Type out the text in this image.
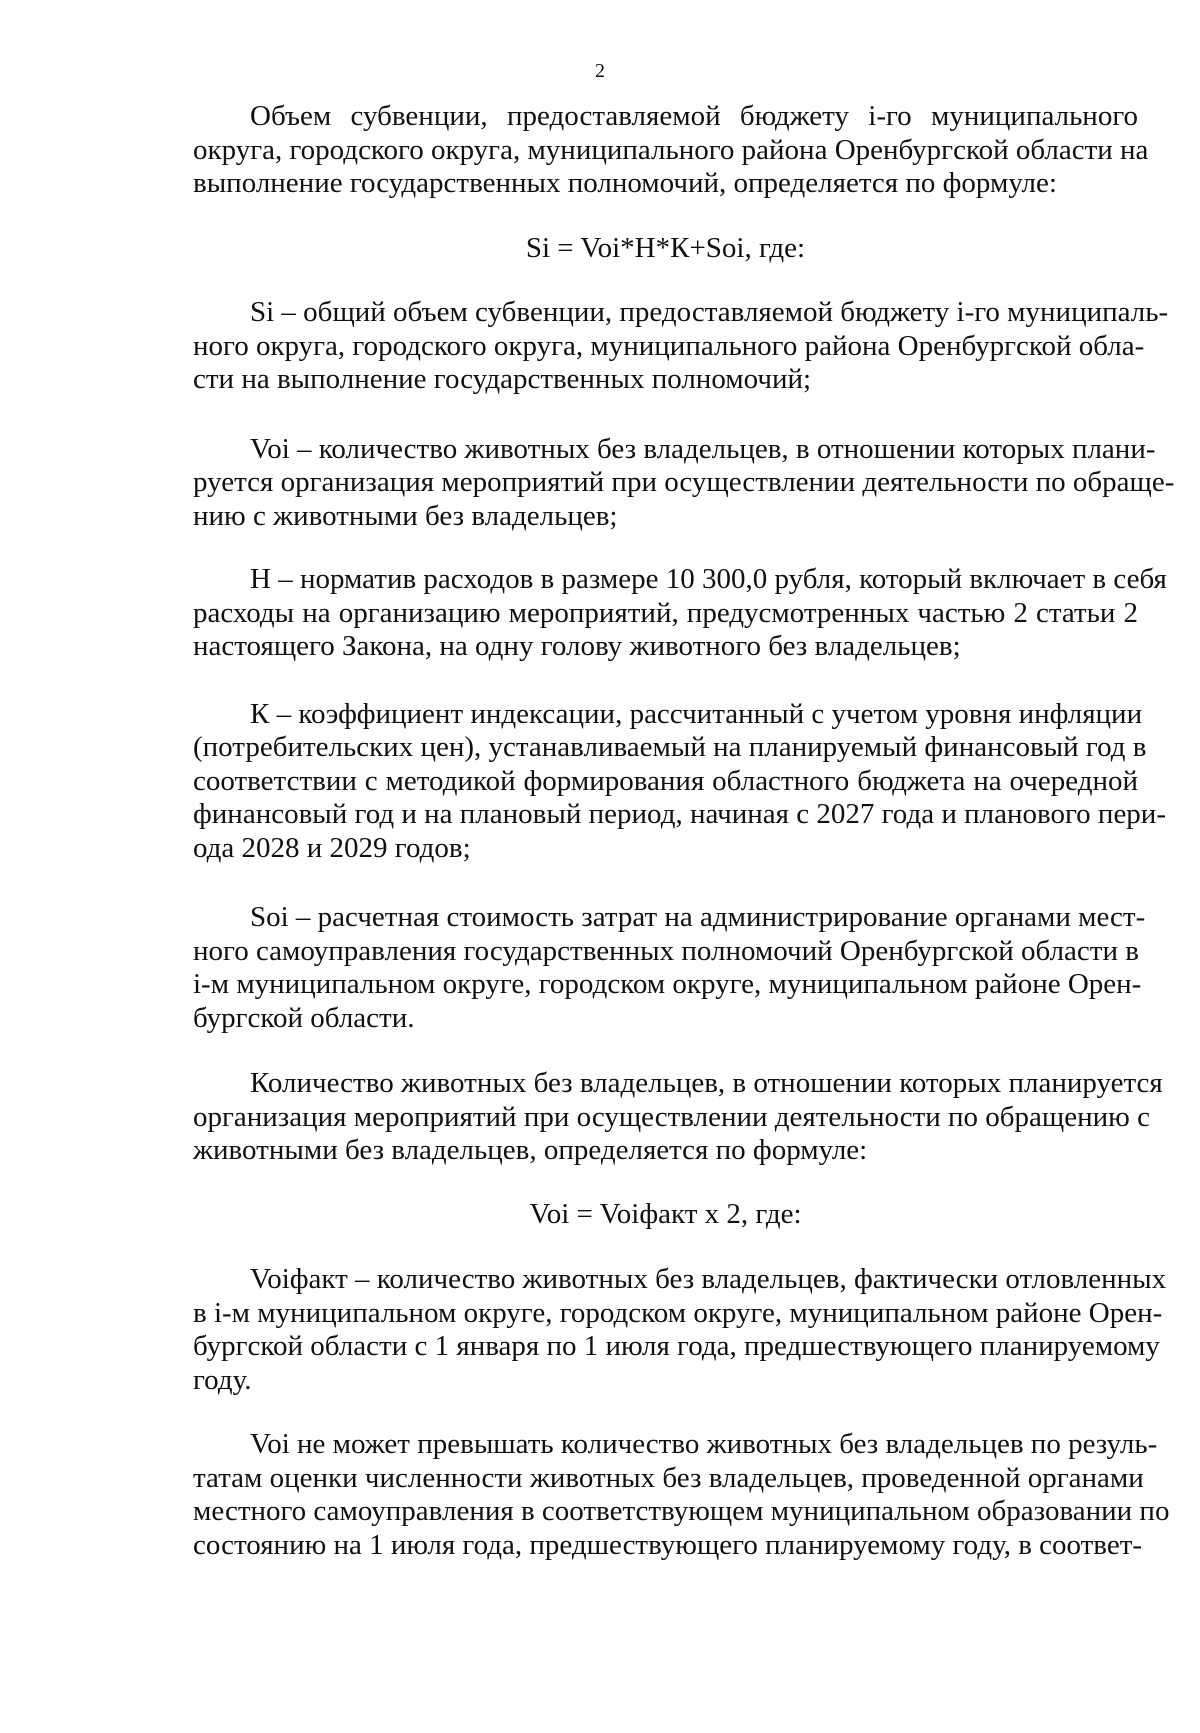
2

Объем субвенции, предоставляемой бюджету i-го муниципального
округа, городского округа, муниципального района Оренбургской области на
выполнение государственных полномочий, определяется по формуле:

Si = Voi*H*К+Soi, где:

Si – общий объем субвенции, предоставляемой бюджету i-го муниципаль-
ного округа, городского округа, муниципального района Оренбургской обла-
сти на выполнение государственных полномочий;

Voi – количество животных без владельцев, в отношении которых плани-
руется организация мероприятий при осуществлении деятельности по обраще-
нию с животными без владельцев;

Н – норматив расходов в размере 10 300,0 рубля, который включает в себя
расходы на организацию мероприятий, предусмотренных частью 2 статьи 2
настоящего Закона, на одну голову животного без владельцев;

К – коэффициент индексации, рассчитанный с учетом уровня инфляции
(потребительских цен), устанавливаемый на планируемый финансовый год в
соответствии с методикой формирования областного бюджета на очередной
финансовый год и на плановый период, начиная с 2027 года и планового пери-
ода 2028 и 2029 годов;

Soi – расчетная стоимость затрат на администрирование органами мест-
ного самоуправления государственных полномочий Оренбургской области в
i-м муниципальном округе, городском округе, муниципальном районе Орен-
бургской области.

Количество животных без владельцев, в отношении которых планируется
организация мероприятий при осуществлении деятельности по обращению с
животными без владельцев, определяется по формуле:

Voi = Voiфакт х 2, где:

Voiфакт – количество животных без владельцев, фактически отловленных
в i-м муниципальном округе, городском округе, муниципальном районе Орен-
бургской области с 1 января по 1 июля года, предшествующего планируемому
году.

Voi не может превышать количество животных без владельцев по резуль-
татам оценки численности животных без владельцев, проведенной органами
местного самоуправления в соответствующем муниципальном образовании по
состоянию на 1 июля года, предшествующего планируемому году, в соответ-
